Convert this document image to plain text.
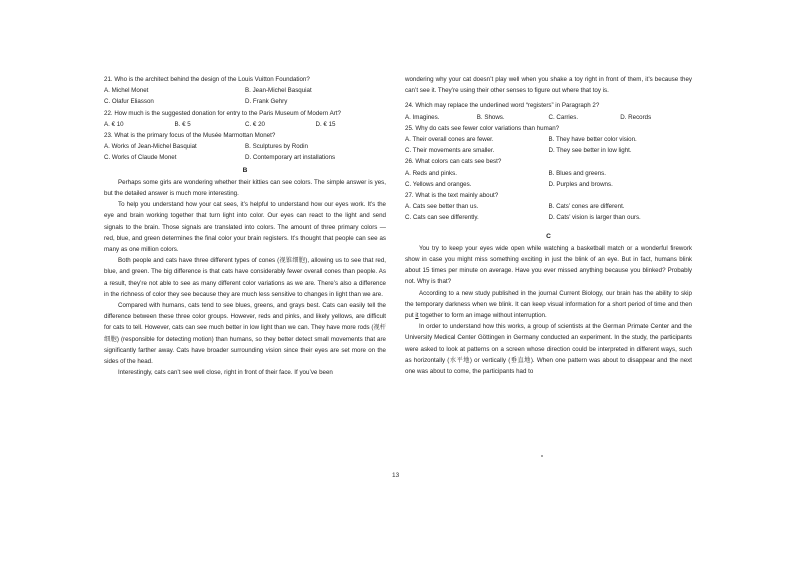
21. Who is the architect behind the design of the Louis Vuitton Foundation?

A. Michel Monet	B. Jean-Michel Basquiat

C. Olafur Eliasson	D. Frank Gehry

22. How much is the suggested donation for entry to the Paris Museum of Modern Art?

A. € 10	B. € 5	C. € 20	D. € 15

23. What is the primary focus of the Musée Marmottan Monet?

A. Works of Jean-Michel Basquiat	B. Sculptures by Rodin

C. Works of Claude Monet	D. Contemporary art installations

B

Perhaps some girls are wondering whether their kitties can see colors. The simple answer is yes, but the detailed answer is much more interesting.

To help you understand how your cat sees, it’s helpful to understand how our eyes work. It’s the eye and brain working together that turn light into color. Our eyes can react to the light and send signals to the brain. Those signals are translated into colors. The amount of three primary colors — red, blue, and green determines the final color your brain registers. It’s thought that people can see as many as one million colors.

Both people and cats have three different types of cones (视锥细胞), allowing us to see that red, blue, and green. The big difference is that cats have considerably fewer overall cones than people. As a result, they’re not able to see as many different color variations as we are. There’s also a difference in the richness of color they see because they are much less sensitive to changes in light than we are.

Compared with humans, cats tend to see blues, greens, and grays best. Cats can easily tell the difference between these three color groups. However, reds and pinks, and likely yellows, are difficult for cats to tell. However, cats can see much better in low light than we can. They have more rods (视杆细胞) (responsible for detecting motion) than humans, so they better detect small movements that are significantly farther away. Cats have broader surrounding vision since their eyes are set more on the sides of the head.

Interestingly, cats can’t see well close, right in front of their face. If you’ve been

wondering why your cat doesn’t play well when you shake a toy right in front of them, it’s because they can’t see it. They’re using their other senses to figure out where that toy is.

24. Which may replace the underlined word “registers” in Paragraph 2?

A. Imagines.	B. Shows.	C. Carries.	D. Records

25. Why do cats see fewer color variations than human?

A. Their overall cones are fewer.	B. They have better color vision.

C. Their movements are smaller.	D. They see better in low light.

26. What colors can cats see best?

A. Reds and pinks.	B. Blues and greens.

C. Yellows and oranges.	D. Purples and browns.

27. What is the text mainly about?

A. Cats see better than us.	B. Cats’ cones are different.

C. Cats can see differently.	D. Cats’ vision is larger than ours.

C

You try to keep your eyes wide open while watching a basketball match or a wonderful firework show in case you might miss something exciting in just the blink of an eye. But in fact, humans blink about 15 times per minute on average. Have you ever missed anything because you blinked? Probably not. Why is that?

According to a new study published in the journal Current Biology, our brain has the ability to skip the temporary darkness when we blink. It can keep visual information for a short period of time and then put it together to form an image without interruption.

In order to understand how this works, a group of scientists at the German Primate Center and the University Medical Center Göttingen in Germany conducted an experiment. In the study, the participants were asked to look at patterns on a screen whose direction could be interpreted in different ways, such as horizontally (水平地) or vertically (垂直地). When one pattern was about to disappear and the next one was about to come, the participants had to

13
